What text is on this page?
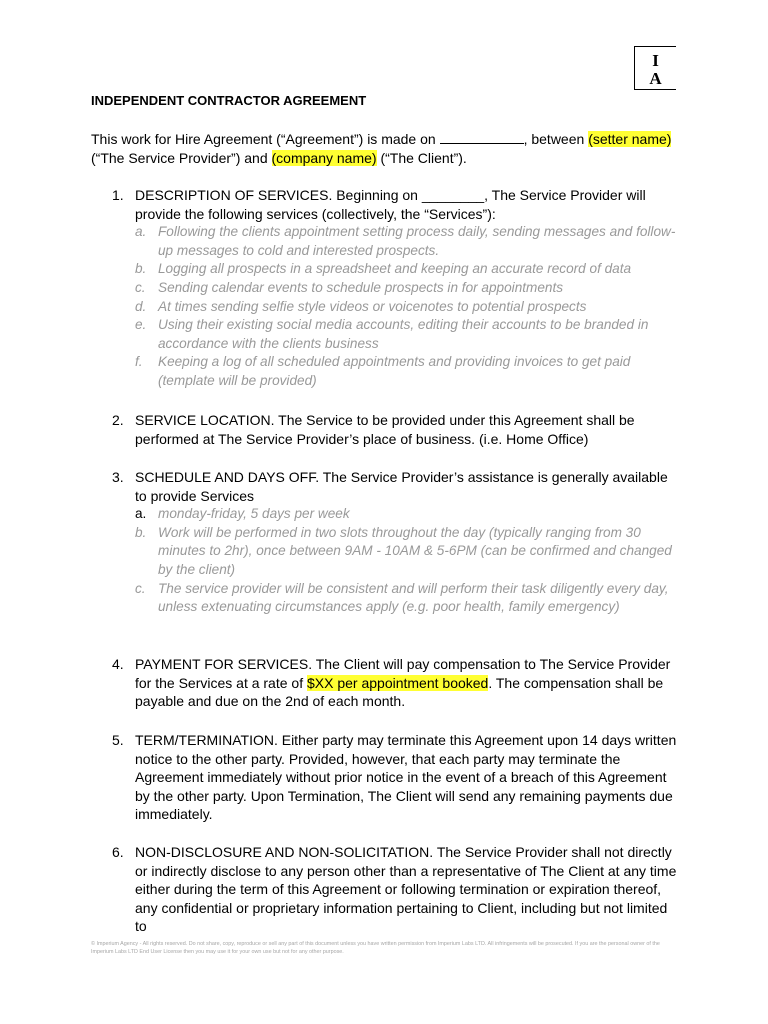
I
A
INDEPENDENT CONTRACTOR AGREEMENT

This work for Hire Agreement (“Agreement”) is made on	, between (setter name)
(“The Service Provider”) and (company name) (“The Client”).

1. DESCRIPTION OF SERVICES. Beginning on ________, The Service Provider will provide the following services (collectively, the “Services”):
a. Following the clients appointment setting process daily, sending messages and follow-up messages to cold and interested prospects.
b. Logging all prospects in a spreadsheet and keeping an accurate record of data
c. Sending calendar events to schedule prospects in for appointments
d. At times sending selfie style videos or voicenotes to potential prospects
e. Using their existing social media accounts, editing their accounts to be branded in accordance with the clients business
f.	Keeping a log of all scheduled appointments and providing invoices to get paid (template will be provided)
2. SERVICE LOCATION. The Service to be provided under this Agreement shall be performed at The Service Provider’s place of business. (i.e. Home Office)
3. SCHEDULE AND DAYS OFF. The Service Provider’s assistance is generally available to provide Services
a. monday-friday, 5 days per week
b. Work will be performed in two slots throughout the day (typically ranging from 30 minutes to 2hr), once between 9AM - 10AM & 5-6PM (can be confirmed and changed by the client)
c. The service provider will be consistent and will perform their task diligently every day, unless extenuating circumstances apply (e.g. poor health, family emergency)
4. PAYMENT FOR SERVICES. The Client will pay compensation to The Service Provider for the Services at a rate of $XX per appointment booked. The compensation shall be payable and due on the 2nd of each month.
5. TERM/TERMINATION. Either party may terminate this Agreement upon 14 days written notice to the other party. Provided, however, that each party may terminate the Agreement immediately without prior notice in the event of a breach of this Agreement by the other party. Upon Termination, The Client will send any remaining payments due immediately.
6. NON-DISCLOSURE AND NON-SOLICITATION. The Service Provider shall not directly or indirectly disclose to any person other than a representative of The Client at any time either during the term of this Agreement or following termination or expiration thereof, any confidential or proprietary information pertaining to Client, including but not limited to
© Imperium Agency - All rights reserved. Do not share, copy, reproduce or sell any part of this document unless you have written permission from Imperium Labs LTD. All infringements will be prosecuted. If you are the personal owner of the Imperium Labs LTD End User License then you may use it for your own use but not for any other purpose.
